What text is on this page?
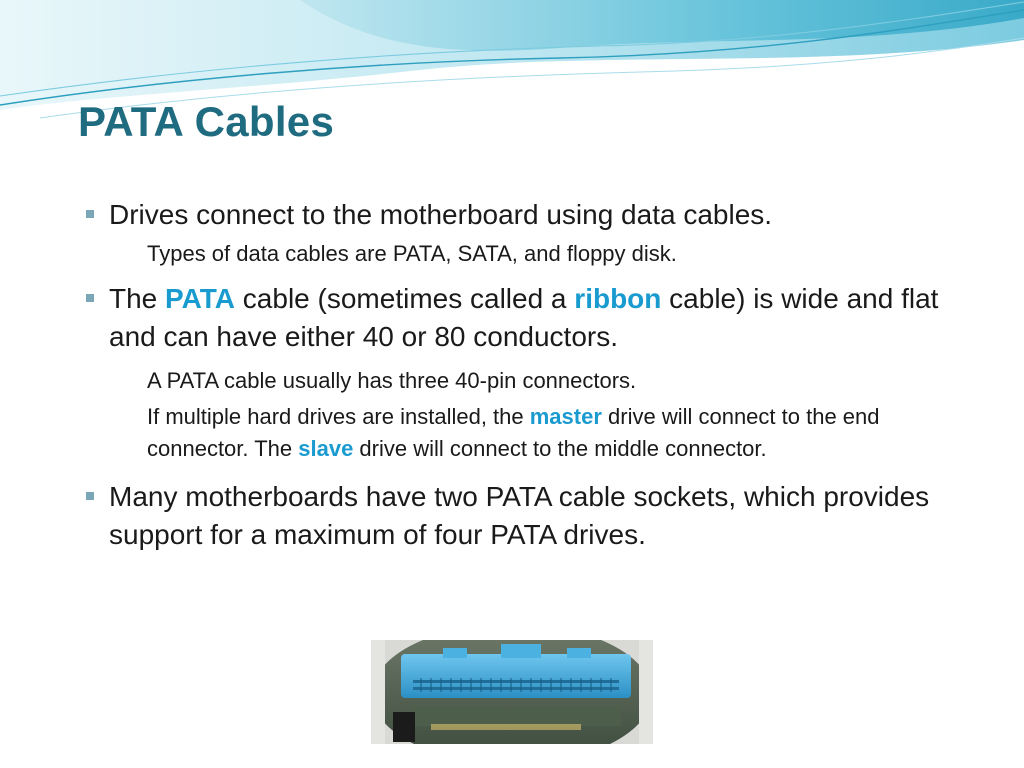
PATA Cables
Drives connect to the motherboard using data cables.
Types of data cables are PATA, SATA, and floppy disk.
The PATA cable (sometimes called a ribbon cable) is wide and flat and can have either 40 or 80 conductors.
A PATA cable usually has three 40-pin connectors.
If multiple hard drives are installed, the master drive will connect to the end connector. The slave drive will connect to the middle connector.
Many motherboards have two PATA cable sockets, which provides support for a maximum of four PATA drives.
